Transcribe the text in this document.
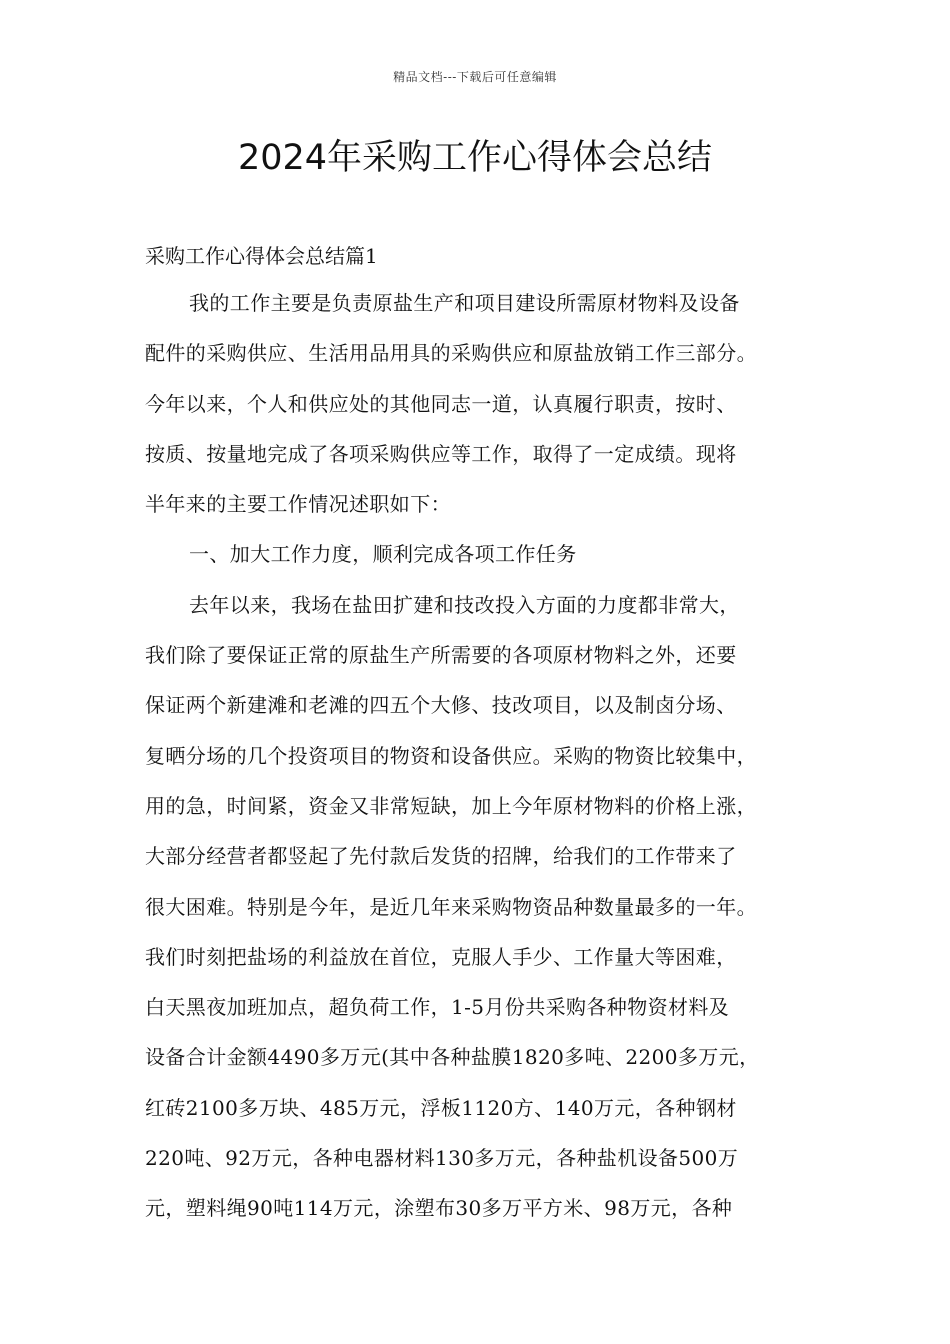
精品文档---下载后可任意编辑
2024年采购工作心得体会总结
采购工作心得体会总结篇1
我的工作主要是负责原盐生产和项目建设所需原材物料及设备
配件的采购供应、生活用品用具的采购供应和原盐放销工作三部分。
今年以来，个人和供应处的其他同志一道，认真履行职责，按时、
按质、按量地完成了各项采购供应等工作，取得了一定成绩。现将
半年来的主要工作情况述职如下：
一、加大工作力度，顺利完成各项工作任务
去年以来，我场在盐田扩建和技改投入方面的力度都非常大，
我们除了要保证正常的原盐生产所需要的各项原材物料之外，还要
保证两个新建滩和老滩的四五个大修、技改项目，以及制卤分场、
复晒分场的几个投资项目的物资和设备供应。采购的物资比较集中，
用的急，时间紧，资金又非常短缺，加上今年原材物料的价格上涨，
大部分经营者都竖起了先付款后发货的招牌，给我们的工作带来了
很大困难。特别是今年，是近几年来采购物资品种数量最多的一年。
我们时刻把盐场的利益放在首位，克服人手少、工作量大等困难，
白天黑夜加班加点，超负荷工作，1-5月份共采购各种物资材料及
设备合计金额4490多万元(其中各种盐膜1820多吨、2200多万元，
红砖2100多万块、485万元，浮板1120方、140万元，各种钢材
220吨、92万元，各种电器材料130多万元，各种盐机设备500万
元，塑料绳90吨114万元，涂塑布30多万平方米、98万元，各种
